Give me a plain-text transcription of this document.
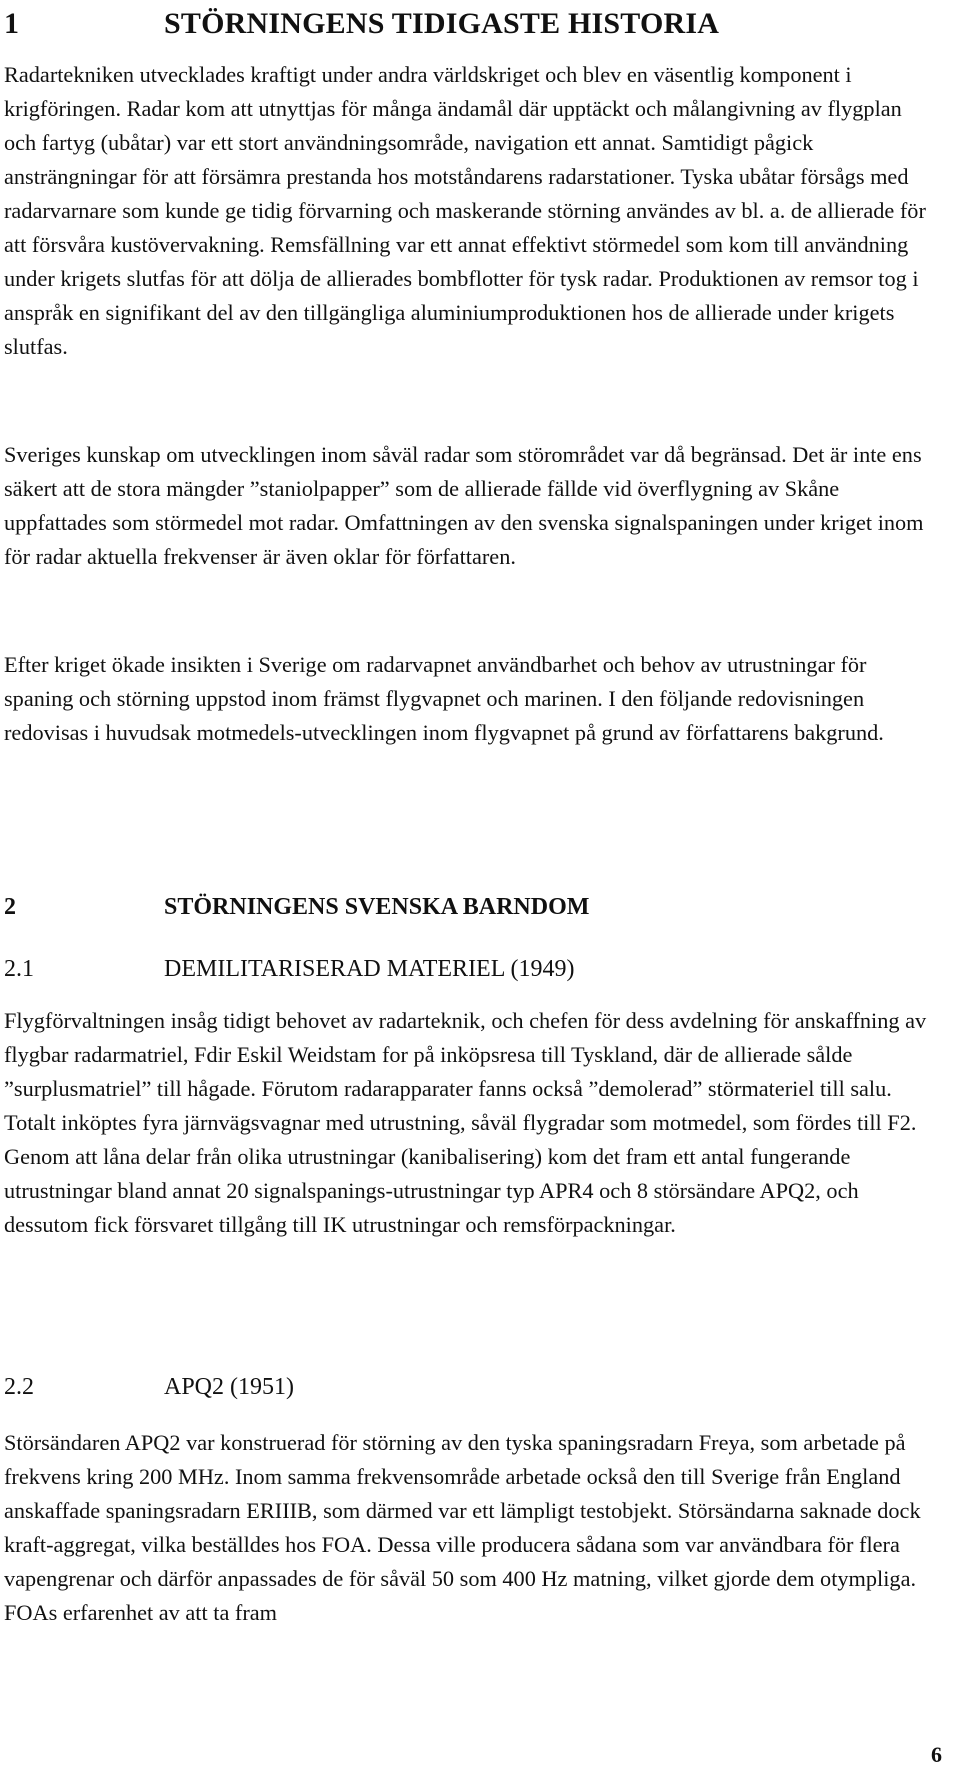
1	STÖRNINGENS TIDIGASTE HISTORIA

Radartekniken utvecklades kraftigt under andra världskriget och blev en väsentlig komponent i krigföringen. Radar kom att utnyttjas för många ändamål där upptäckt och målangivning av flygplan och fartyg (ubåtar) var ett stort användningsområde, navigation ett annat. Samtidigt pågick ansträngningar för att försämra prestanda hos motståndarens radarstationer. Tyska ubåtar försågs med radarvarnare som kunde ge tidig förvarning och maskerande störning användes av bl. a. de allierade för att försvåra kustövervakning. Remsfällning var ett annat effektivt störmedel som kom till användning under krigets slutfas för att dölja de allierades bombflotter för tysk radar. Produktionen av remsor tog i anspråk en signifikant del av den tillgängliga aluminiumproduktionen hos de allierade under krigets slutfas.

Sveriges kunskap om utvecklingen inom såväl radar som störområdet var då begränsad. Det är inte ens säkert att de stora mängder ”staniolpapper” som de allierade fällde vid överflygning av Skåne uppfattades som störmedel mot radar. Omfattningen av den svenska signalspaningen under kriget inom för radar aktuella frekvenser är även oklar för författaren.

Efter kriget ökade insikten i Sverige om radarvapnet användbarhet och behov av utrustningar för spaning och störning uppstod inom främst flygvapnet och marinen. I den följande redovisningen redovisas i huvudsak motmedels-utvecklingen inom flygvapnet på grund av författarens bakgrund.

2	STÖRNINGENS SVENSKA BARNDOM
2.1	DEMILITARISERAD MATERIEL (1949)

Flygförvaltningen insåg tidigt behovet av radarteknik, och chefen för dess avdelning för anskaffning av flygbar radarmatriel, Fdir Eskil Weidstam for på inköpsresa till Tyskland, där de allierade sålde ”surplusmatriel” till hågade. Förutom radarapparater fanns också ”demolerad” störmateriel till salu. Totalt inköptes fyra järnvägsvagnar med utrustning, såväl flygradar som motmedel, som fördes till F2. Genom att låna delar från olika utrustningar (kanibalisering) kom det fram ett antal fungerande utrustningar bland annat 20 signalspanings-utrustningar typ APR4 och 8 störsändare APQ2, och dessutom fick försvaret tillgång till IK utrustningar och remsförpackningar.

2.2	APQ2 (1951)

Störsändaren APQ2 var konstruerad för störning av den tyska spaningsradarn Freya, som arbetade på frekvens kring 200 MHz. Inom samma frekvensområde arbetade också den till Sverige från England anskaffade spaningsradarn ERIIIB, som därmed var ett lämpligt testobjekt. Störsändarna saknade dock kraft-aggregat, vilka beställdes hos FOA. Dessa ville producera sådana som var användbara för flera vapengrenar och därför anpassades de för såväl 50 som 400 Hz matning, vilket gjorde dem otympliga. FOAs erfarenhet av att ta fram

6
